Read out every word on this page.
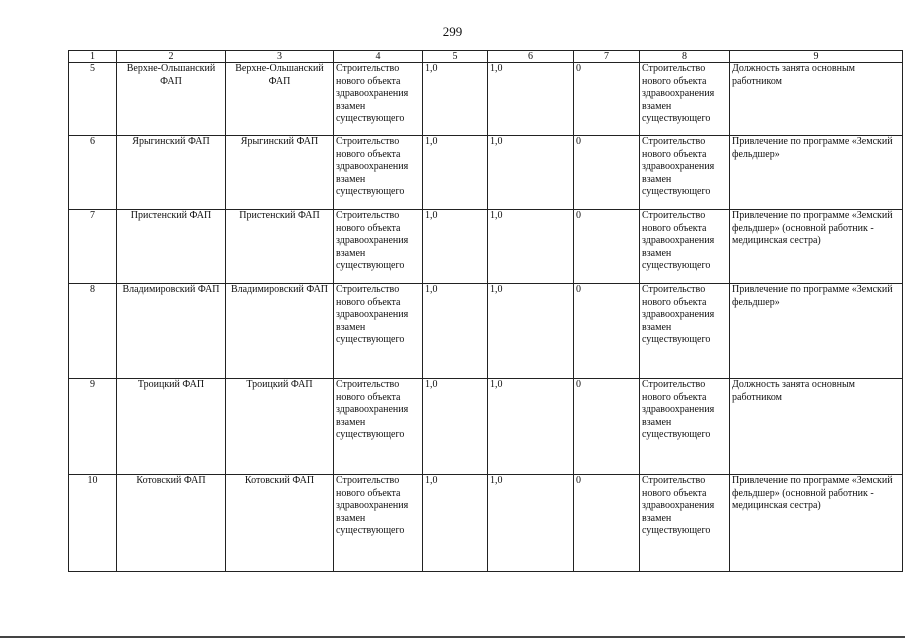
299
1	2	3	4	5	6	7	8	9
5	Верхне-Ольшанский ФАП	Верхне-Ольшанский ФАП	Строительство нового объекта здравоохранения взамен существующего	1,0	1,0	0	Строительство нового объекта здравоохранения взамен существующего	Должность занята основным работником
6	Ярыгинский ФАП	Ярыгинский ФАП	Строительство нового объекта здравоохранения взамен существующего	1,0	1,0	0	Строительство нового объекта здравоохранения взамен существующего	Привлечение по программе «Земский фельдшер»
7	Пристенский ФАП	Пристенский ФАП	Строительство нового объекта здравоохранения взамен существующего	1,0	1,0	0	Строительство нового объекта здравоохранения взамен существующего	Привлечение по программе «Земский фельдшер» (основной работник - медицинская сестра)
8	Владимировский ФАП	Владимировский ФАП	Строительство нового объекта здравоохранения взамен существующего	1,0	1,0	0	Строительство нового объекта здравоохранения взамен существующего	Привлечение по программе «Земский фельдшер»
9	Троицкий ФАП	Троицкий ФАП	Строительство нового объекта здравоохранения взамен существующего	1,0	1,0	0	Строительство нового объекта здравоохранения взамен существующего	Должность занята основным работником
10	Котовский ФАП	Котовский ФАП	Строительство нового объекта здравоохранения взамен существующего	1,0	1,0	0	Строительство нового объекта здравоохранения взамен существующего	Привлечение по программе «Земский фельдшер» (основной работник - медицинская сестра)
